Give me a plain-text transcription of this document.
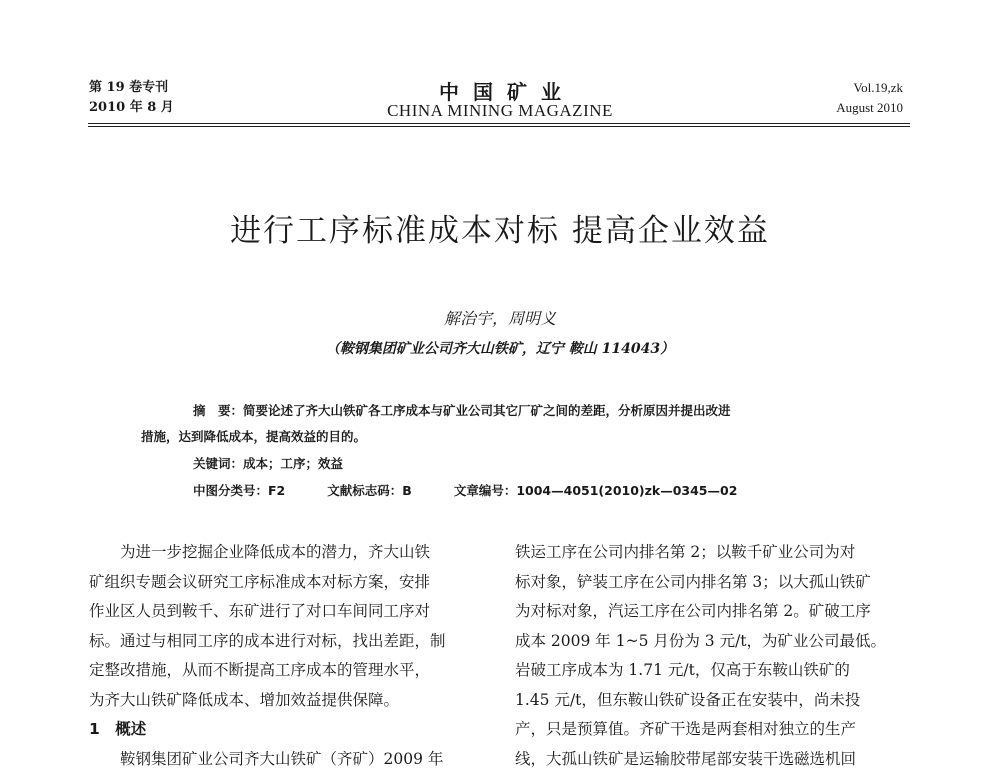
第 19 卷专刊
2010 年 8 月
中国矿业
CHINA MINING MAGAZINE
Vol.19,zk
August 2010
进行工序标准成本对标 提高企业效益
解治宇，周明义
（鞍钢集团矿业公司齐大山铁矿，辽宁 鞍山 114043）
摘　要：简要论述了齐大山铁矿各工序成本与矿业公司其它厂矿之间的差距，分析原因并提出改进
措施，达到降低成本，提高效益的目的。
关键词：成本；工序；效益
中图分类号：F2	文献标志码：B	文章编号：1004—4051(2010)zk—0345—02

　　为进一步挖掘企业降低成本的潜力，齐大山铁

矿组织专题会议研究工序标准成本对标方案，安排

作业区人员到鞍千、东矿进行了对口车间同工序对

标。通过与相同工序的成本进行对标，找出差距，制

定整改措施，从而不断提高工序成本的管理水平，

为齐大山铁矿降低成本、增加效益提供保障。

1　概述

　　鞍钢集团矿业公司齐大山铁矿（齐矿）2009 年

铁运工序在公司内排名第 2；以鞍千矿业公司为对

标对象，铲装工序在公司内排名第 3；以大孤山铁矿

为对标对象，汽运工序在公司内排名第 2。矿破工序

成本 2009 年 1~5 月份为 3 元/t，为矿业公司最低。

岩破工序成本为 1.71 元/t，仅高于东鞍山铁矿的

1.45 元/t，但东鞍山铁矿设备正在安装中，尚未投

产，只是预算值。齐矿干选是两套相对独立的生产

线，大孤山铁矿是运输胶带尾部安装干选磁选机回
